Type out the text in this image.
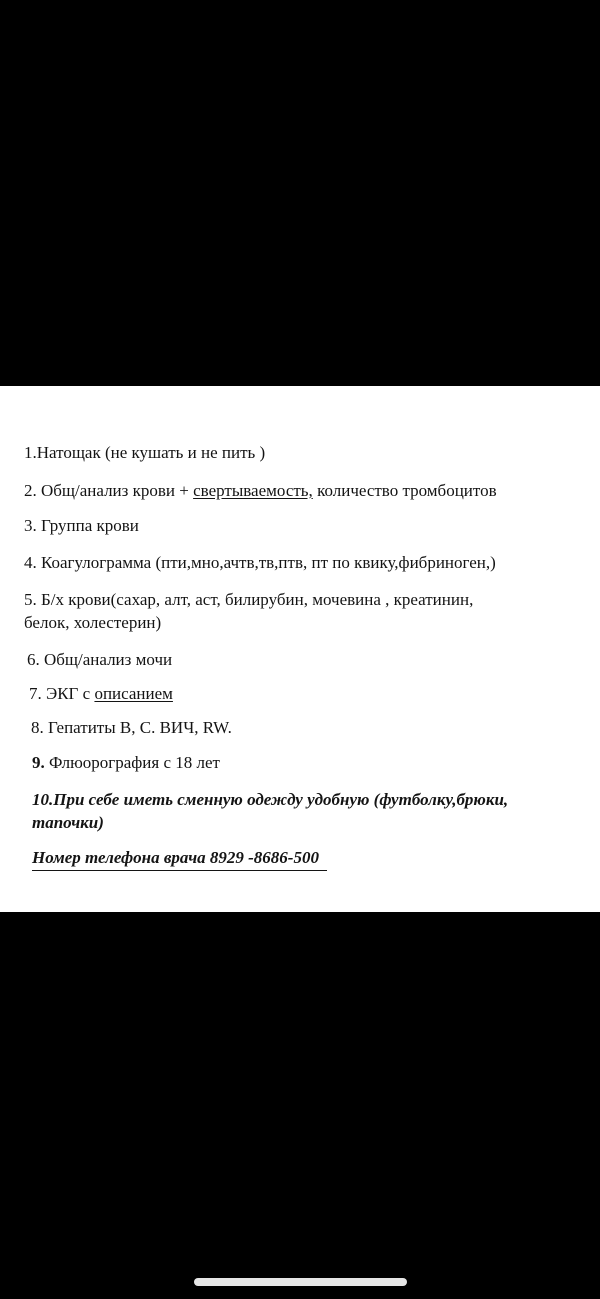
1.Натощак (не кушать и не пить )
2. Общ/анализ крови + свертываемость, количество тромбоцитов
3. Группа крови
4. Коагулограмма (пти,мно,ачтв,тв,птв, пт по квику,фибриноген,)
5. Б/х крови(сахар, алт, аст, билирубин, мочевина , креатинин,
белок, холестерин)
6. Общ/анализ мочи
7. ЭКГ с описанием
8. Гепатиты В, С. ВИЧ, RW.
9. Флюорография с 18 лет
10.При себе иметь сменную одежду удобную (футболку,брюки,
тапочки)
Номер телефона врача 8929 -8686-500
